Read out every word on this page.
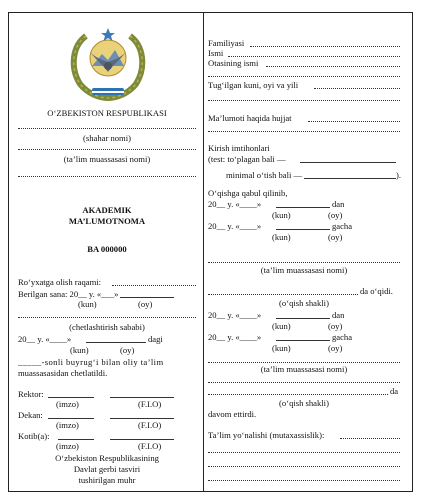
O‘ZBEKISTON RESPUBLIKASI
(shahar nomi)
(ta’lim muassasasi nomi)
AKADEMIK
MA’LUMOTNOMA
BA 000000
Ro‘yxatga olish raqami:
Berilgan sana: 20__ y. «___»
(kun)	(oy)
(chetlashtirish sababi)
20__ y. «____»	dagi
(kun)	(oy)
_____-sonli buyrug‘i bilan oliy ta’lim
muassasasidan chetlatildi.
Rektor:
(imzo)	(F.I.O)
Dekan:
(imzo)	(F.I.O)
Kotib(a):
(imzo)	(F.I.O)
O‘zbekiston Respublikasining
Davlat gerbi tasviri
tushirilgan muhr
Familiyasi
Ismi
Otasining ismi
Tug‘ilgan kuni, oyi va yili
Ma’lumoti haqida hujjat
Kirish imtihonlari
(test: to‘plagan bali —
minimal o‘tish bali —	).
O‘qishga qabul qilinib,
20__ y. «____»	dan
(kun)	(oy)
20__ y. «____»	gacha
(kun)	(oy)
(ta’lim muassasasi nomi)
da o‘qidi.
(o‘qish shakli)
20__ y. «____»	dan
(kun)	(oy)
20__ y. «____»	gacha
(kun)	(oy)
(ta’lim muassasasi nomi)
da
(o‘qish shakli)
davom ettirdi.
Ta’lim yo‘nalishi (mutaxassislik):
